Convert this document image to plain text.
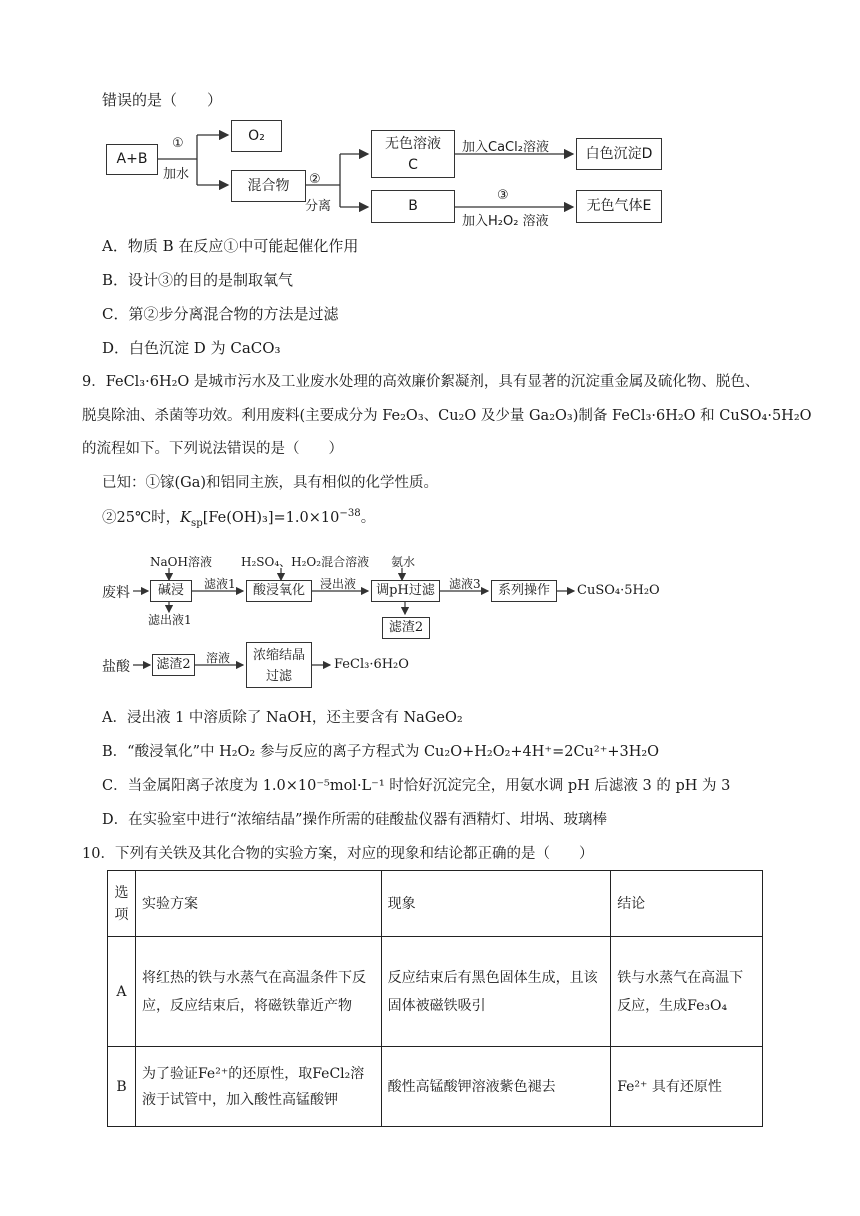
错误的是（　　）
A+B
①
加水
O₂
混合物	②
分离
无色溶液
C
B
加入CaCl₂溶液
③
加入H₂O₂ 溶液
白色沉淀D
无色气体E
A．物质 B 在反应①中可能起催化作用
B．设计③的目的是制取氧气
C．第②步分离混合物的方法是过滤
D．白色沉淀 D 为 CaCO₃
9．FeCl₃·6H₂O 是城市污水及工业废水处理的高效廉价絮凝剂，具有显著的沉淀重金属及硫化物、脱色、
脱臭除油、杀菌等功效。利用废料(主要成分为 Fe₂O₃、Cu₂O 及少量 Ga₂O₃)制备 FeCl₃·6H₂O 和 CuSO₄·5H₂O
的流程如下。下列说法错误的是（　　）
已知：①镓(Ga)和铝同主族，具有相似的化学性质。
②25℃时，$K_{sp}[Fe(OH)_3]=1.0\times 10^{-38}$。
NaOH溶液 H₂SO₄、H₂O₂混合溶液 氨水
废料	碱浸	滤液1	酸浸氧化	浸出液	调pH过滤	滤液3	系列操作	CuSO₄·5H₂O
滤出液1	滤渣2
盐酸	滤渣2	溶液	浓缩结晶
过滤
FeCl₃·6H₂O
A．浸出液 1 中溶质除了 NaOH，还主要含有 NaGeO₂
B．“酸浸氧化”中 H₂O₂ 参与反应的离子方程式为 Cu₂O+H₂O₂+4H⁺=2Cu²⁺+3H₂O
C．当金属阳离子浓度为 1.0×10⁻⁵mol·L⁻¹ 时恰好沉淀完全，用氨水调 pH 后滤液 3 的 pH 为 3
D．在实验室中进行“浓缩结晶”操作所需的硅酸盐仪器有酒精灯、坩埚、玻璃棒
10．下列有关铁及其化合物的实验方案，对应的现象和结论都正确的是（　　）
选项	实验方案	现象	结论
A	将红热的铁与水蒸气在高温条件下反应，反应结束后，将磁铁靠近产物	反应结束后有黑色固体生成，且该固体被磁铁吸引	铁与水蒸气在高温下反应，生成Fe₃O₄
B	为了验证Fe²⁺的还原性，取FeCl₂溶液于试管中，加入酸性高锰酸钾	酸性高锰酸钾溶液紫色褪去	Fe²⁺ 具有还原性
